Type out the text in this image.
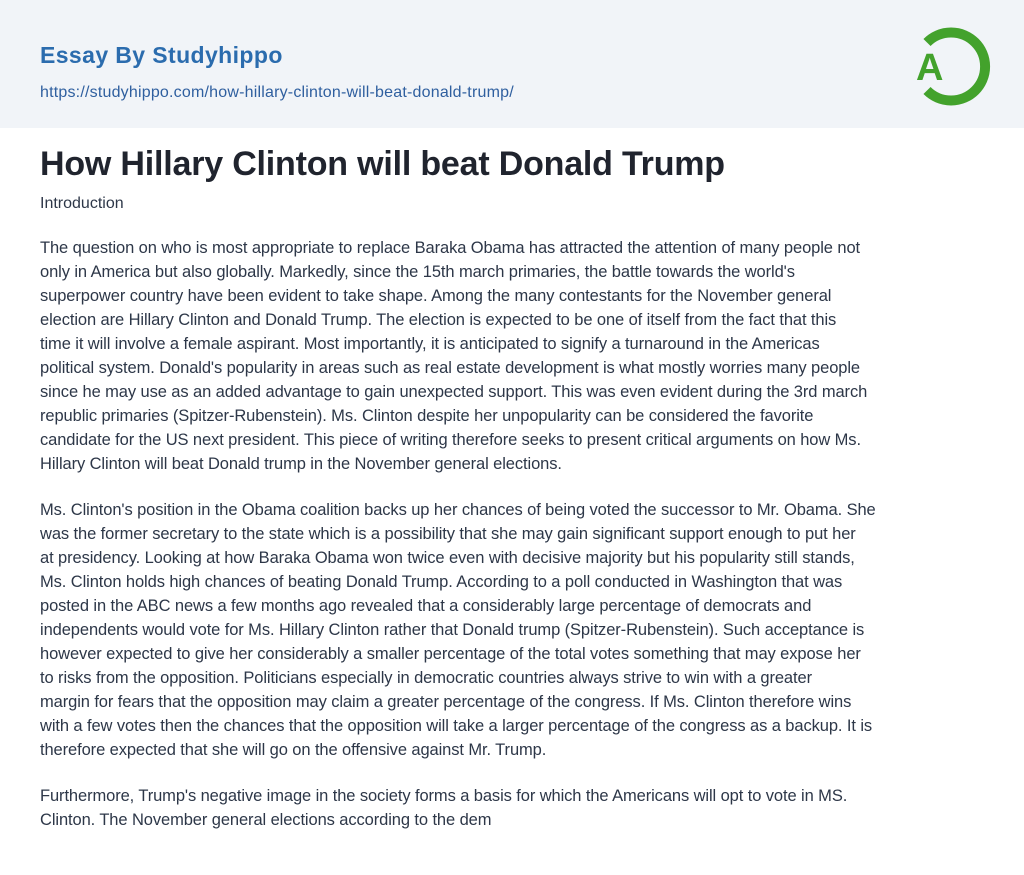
Essay By Studyhippo
https://studyhippo.com/how-hillary-clinton-will-beat-donald-trump/
A
How Hillary Clinton will beat Donald Trump
Introduction
The question on who is most appropriate to replace Baraka Obama has attracted the attention of many people not
only in America but also globally. Markedly, since the 15th march primaries, the battle towards the world's
superpower country have been evident to take shape. Among the many contestants for the November general
election are Hillary Clinton and Donald Trump. The election is expected to be one of itself from the fact that this
time it will involve a female aspirant. Most importantly, it is anticipated to signify a turnaround in the Americas
political system. Donald's popularity in areas such as real estate development is what mostly worries many people
since he may use as an added advantage to gain unexpected support. This was even evident during the 3rd march
republic primaries (Spitzer-Rubenstein). Ms. Clinton despite her unpopularity can be considered the favorite
candidate for the US next president. This piece of writing therefore seeks to present critical arguments on how Ms.
Hillary Clinton will beat Donald trump in the November general elections.
Ms. Clinton's position in the Obama coalition backs up her chances of being voted the successor to Mr. Obama. She
was the former secretary to the state which is a possibility that she may gain significant support enough to put her
at presidency. Looking at how Baraka Obama won twice even with decisive majority but his popularity still stands,
Ms. Clinton holds high chances of beating Donald Trump. According to a poll conducted in Washington that was
posted in the ABC news a few months ago revealed that a considerably large percentage of democrats and
independents would vote for Ms. Hillary Clinton rather that Donald trump (Spitzer-Rubenstein). Such acceptance is
however expected to give her considerably a smaller percentage of the total votes something that may expose her
to risks from the opposition. Politicians especially in democratic countries always strive to win with a greater
margin for fears that the opposition may claim a greater percentage of the congress. If Ms. Clinton therefore wins
with a few votes then the chances that the opposition will take a larger percentage of the congress as a backup. It is
therefore expected that she will go on the offensive against Mr. Trump.
Furthermore, Trump's negative image in the society forms a basis for which the Americans will opt to vote in MS.
Clinton. The November general elections according to the dem
